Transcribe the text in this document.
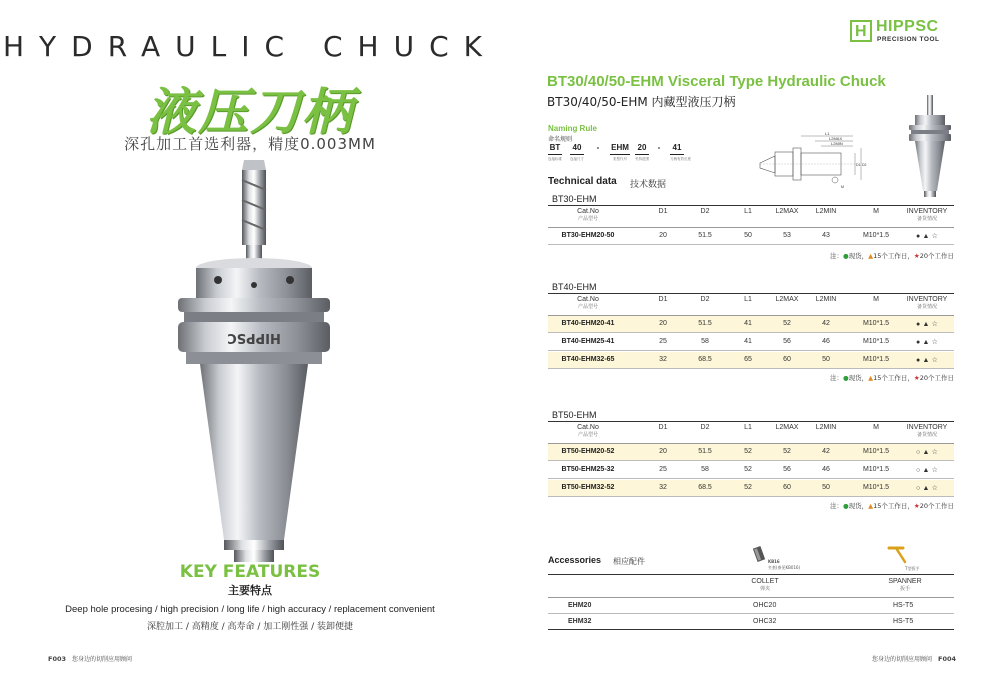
HYDRAULIC CHUCK
液压刀柄
深孔加工首选利器，精度0.003MM
HIPPSC
KEY FEATURES
主要特点
Deep hole procesing / high precision / long life / high accuracy / replacement convenient
深腔加工 / 高精度 / 高寿命 / 加工刚性强 / 装卸便捷
F003 您身边的切削应用顾问
H HIPPSC
PRECISION TOOL
BT30/40/50-EHM Visceral Type Hydraulic Chuck
BT30/40/50-EHM 内藏型液压刀柄
Naming Rule
命名规则
BT
连接标准
40
连接尺寸
-	EHM
类型代号
20
夹持范围
-	41
刀柄有效长度
Technical data 技术数据
L1
L2MAX
L2MIN
D1 D2
M
BT30-EHM
Cat.No
产品型号
D1	D2	L1	L2MAX	L2MIN	M	INVENTORY
备货情况
BT30-EHM20-50	20	51.5	50	53	43	M10*1.5	● ▲ ☆
注：●现货，▲15个工作日，★20个工作日
BT40-EHM
Cat.No
产品型号
D1	D2	L1	L2MAX	L2MIN	M	INVENTORY
备货情况
BT40-EHM20-41	20	51.5	41	52	42	M10*1.5	● ▲ ☆
BT40-EHM25-41	25	58	41	56	46	M10*1.5	● ▲ ☆
BT40-EHM32-65	32	68.5	65	60	50	M10*1.5	● ▲ ☆
注：●现货，▲15个工作日，★20个工作日
BT50-EHM
Cat.No
产品型号
D1	D2	L1	L2MAX	L2MIN	M	INVENTORY
备货情况
BT50-EHM20-52	20	51.5	52	52	42	M10*1.5	○ ▲ ☆
BT50-EHM25-32	25	58	52	56	46	M10*1.5	○ ▲ ☆
BT50-EHM32-52	32	68.5	52	60	50	M10*1.5	○ ▲ ☆
注：●现货，▲15个工作日，★20个工作日
Accessories 相应配件	KB16
夹套(参见KB016)	T型扳手
COLLET
弹夹
SPANNER
扳手
EHM20	OHC20	HS-T5
EHM32	OHC32	HS-T5
您身边的切削应用顾问 F004
